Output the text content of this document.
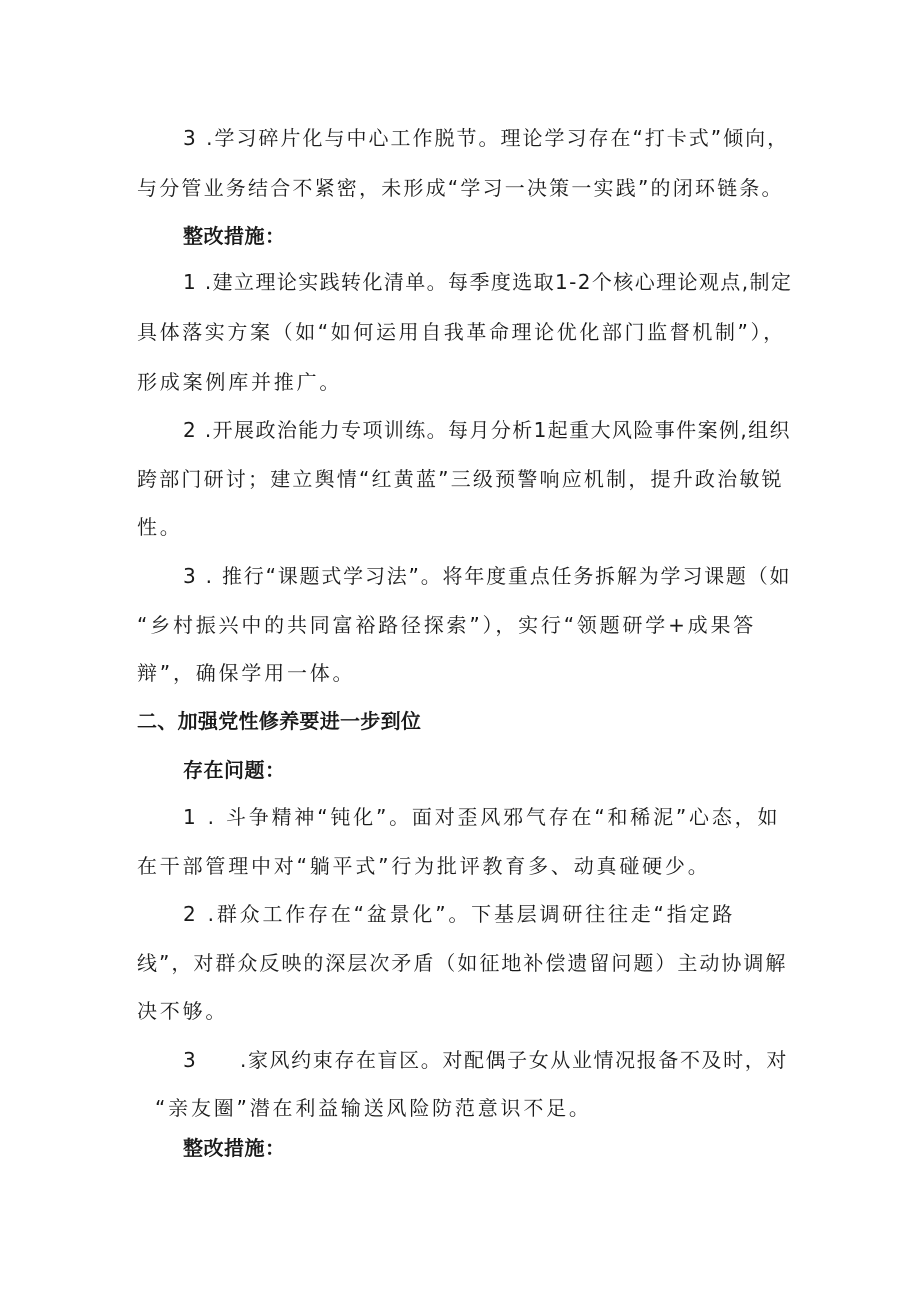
3 .学习碎片化与中心工作脱节。理论学习存在“打卡式”倾向，
与分管业务结合不紧密，未形成“学习一决策一实践”的闭环链条。
整改措施：
1 .建立理论实践转化清单。每季度选取1-2个核心理论观点,制定
具体落实方案（如“如何运用自我革命理论优化部门监督机制”），
形成案例库并推广。
2 .开展政治能力专项训练。每月分析1起重大风险事件案例,组织
跨部门研讨；建立舆情“红黄蓝”三级预警响应机制，提升政治敏锐
性。
3 . 推行“课题式学习法”。将年度重点任务拆解为学习课题（如
“乡村振兴中的共同富裕路径探索”），实行“领题研学+成果答
辩”，确保学用一体。
二、加强党性修养要进一步到位
存在问题：
1 . 斗争精神“钝化”。面对歪风邪气存在“和稀泥”心态，如
在干部管理中对“躺平式”行为批评教育多、动真碰硬少。
2 .群众工作存在“盆景化”。下基层调研往往走“指定路
线”，对群众反映的深层次矛盾（如征地补偿遗留问题）主动协调解
决不够。
3 .家风约束存在盲区。对配偶子女从业情况报备不及时，对
“亲友圈”潜在利益输送风险防范意识不足。
整改措施：
